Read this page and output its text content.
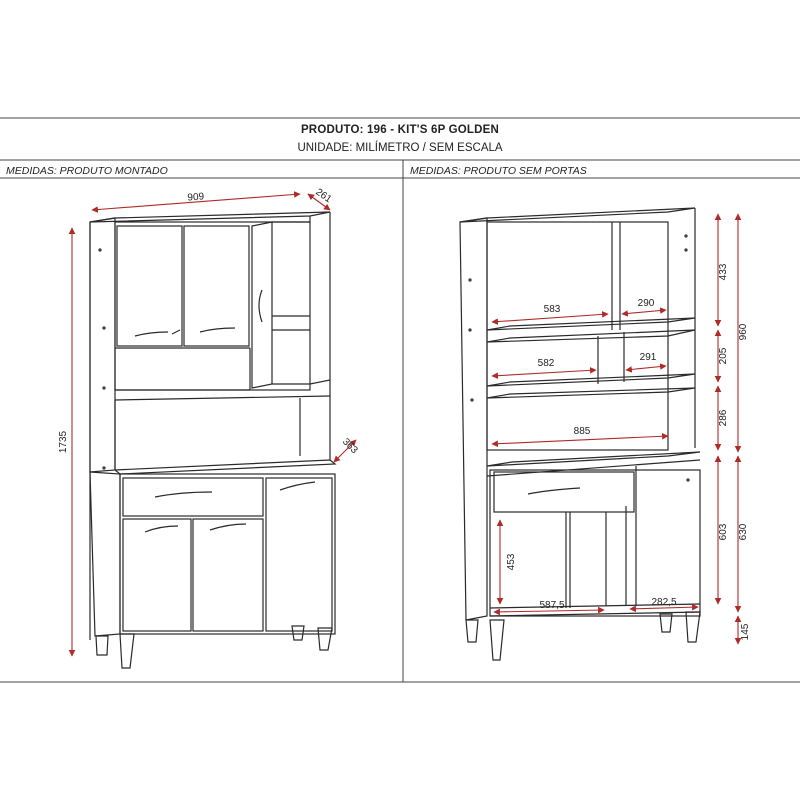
909	261
1735	363
583
290
582
291
885
453
587,5	282,5
433
205
286
603
960
630
145
PRODUTO: 196 - KIT'S 6P GOLDEN
UNIDADE: MILÍMETRO / SEM ESCALA
MEDIDAS: PRODUTO MONTADO	MEDIDAS: PRODUTO SEM PORTAS
